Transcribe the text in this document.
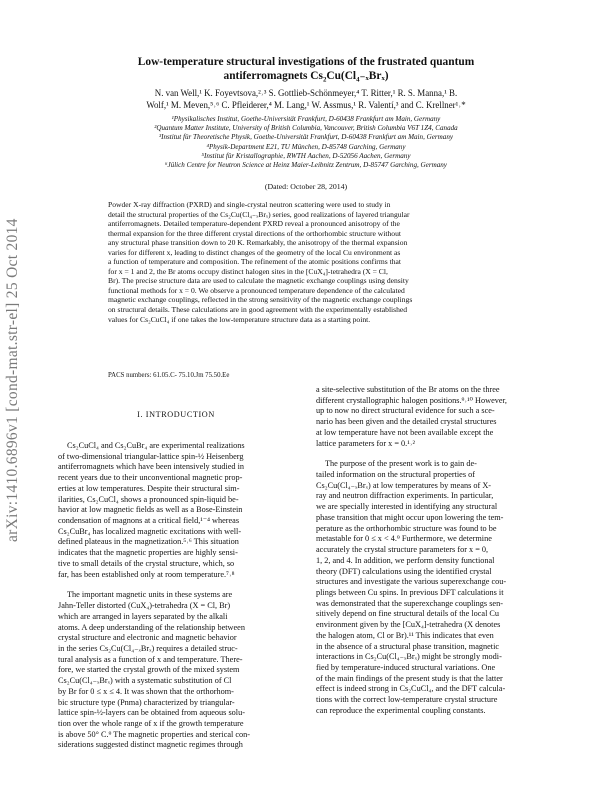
arXiv:1410.6896v1 [cond-mat.str-el] 25 Oct 2014
Low-temperature structural investigations of the frustrated quantum
antiferromagnets Cs₂Cu(Cl₄₋ₓBrₓ)
N. van Well,¹ K. Foyevtsova,²˒³ S. Gottlieb-Schönmeyer,⁴ T. Ritter,¹ R. S. Manna,¹ B.
Wolf,¹ M. Meven,⁵˒⁶ C. Pfleiderer,⁴ M. Lang,¹ W. Assmus,¹ R. Valentí,³ and C. Krellner¹˒*
¹Physikalisches Institut, Goethe-Universität Frankfurt, D-60438 Frankfurt am Main, Germany
²Quantum Matter Institute, University of British Columbia, Vancouver, British Columbia V6T 1Z4, Canada
³Institut für Theoretische Physik, Goethe-Universität Frankfurt, D-60438 Frankfurt am Main, Germany
⁴Physik-Department E21, TU München, D-85748 Garching, Germany
⁵Institut für Kristallographie, RWTH Aachen, D-52056 Aachen, Germany
⁶Jülich Centre for Neutron Science at Heinz Maier-Leibnitz Zentrum, D-85747 Garching, Germany
(Dated: October 28, 2014)
Powder X-ray diffraction (PXRD) and single-crystal neutron scattering were used to study in
detail the structural properties of the Cs₂Cu(Cl₄₋ₓBrₓ) series, good realizations of layered triangular
antiferromagnets. Detailed temperature-dependent PXRD reveal a pronounced anisotropy of the
thermal expansion for the three different crystal directions of the orthorhombic structure without
any structural phase transition down to 20 K. Remarkably, the anisotropy of the thermal expansion
varies for different x, leading to distinct changes of the geometry of the local Cu environment as
a function of temperature and composition. The refinement of the atomic positions confirms that
for x = 1 and 2, the Br atoms occupy distinct halogen sites in the [CuX₄]-tetrahedra (X = Cl,
Br). The precise structure data are used to calculate the magnetic exchange couplings using density
functional methods for x = 0. We observe a pronounced temperature dependence of the calculated
magnetic exchange couplings, reflected in the strong sensitivity of the magnetic exchange couplings
on structural details. These calculations are in good agreement with the experimentally established
values for Cs₂CuCl₄ if one takes the low-temperature structure data as a starting point.
PACS numbers: 61.05.C- 75.10.Jm 75.50.Ee
I. INTRODUCTION
Cs₂CuCl₄ and Cs₂CuBr₄ are experimental realizations
of two-dimensional triangular-lattice spin-½ Heisenberg
antiferromagnets which have been intensively studied in
recent years due to their unconventional magnetic prop-
erties at low temperatures. Despite their structural sim-
ilarities, Cs₂CuCl₄ shows a pronounced spin-liquid be-
havior at low magnetic fields as well as a Bose-Einstein
condensation of magnons at a critical field,¹⁻⁴ whereas
Cs₂CuBr₄ has localized magnetic excitations with well-
defined plateaus in the magnetization.⁵˒⁶ This situation
indicates that the magnetic properties are highly sensi-
tive to small details of the crystal structure, which, so
far, has been established only at room temperature.⁷˒⁸
The important magnetic units in these systems are
Jahn-Teller distorted (CuX₄)-tetrahedra (X = Cl, Br)
which are arranged in layers separated by the alkali
atoms. A deep understanding of the relationship between
crystal structure and electronic and magnetic behavior
in the series Cs₂Cu(Cl₄₋ₓBrₓ) requires a detailed struc-
tural analysis as a function of x and temperature. There-
fore, we started the crystal growth of the mixed system
Cs₂Cu(Cl₄₋ₓBrₓ) with a systematic substitution of Cl
by Br for 0 ≤ x ≤ 4. It was shown that the orthorhom-
bic structure type (Pnma) characterized by triangular-
lattice spin-½-layers can be obtained from aqueous solu-
tion over the whole range of x if the growth temperature
is above 50° C.⁹ The magnetic properties and sterical con-
siderations suggested distinct magnetic regimes through
a site-selective substitution of the Br atoms on the three
different crystallographic halogen positions.⁹˒¹⁰ However,
up to now no direct structural evidence for such a sce-
nario has been given and the detailed crystal structures
at low temperature have not been available except the
lattice parameters for x = 0.¹˒²
The purpose of the present work is to gain de-
tailed information on the structural properties of
Cs₂Cu(Cl₄₋ₓBrₓ) at low temperatures by means of X-
ray and neutron diffraction experiments. In particular,
we are specially interested in identifying any structural
phase transition that might occur upon lowering the tem-
perature as the orthorhombic structure was found to be
metastable for 0 ≤ x < 4.⁹ Furthermore, we determine
accurately the crystal structure parameters for x = 0,
1, 2, and 4. In addition, we perform density functional
theory (DFT) calculations using the identified crystal
structures and investigate the various superexchange cou-
plings between Cu spins. In previous DFT calculations it
was demonstrated that the superexchange couplings sen-
sitively depend on fine structural details of the local Cu
environment given by the [CuX₄]-tetrahedra (X denotes
the halogen atom, Cl or Br).¹¹ This indicates that even
in the absence of a structural phase transition, magnetic
interactions in Cs₂Cu(Cl₄₋ₓBrₓ) might be strongly modi-
fied by temperature-induced structural variations. One
of the main findings of the present study is that the latter
effect is indeed strong in Cs₂CuCl₄, and the DFT calcula-
tions with the correct low-temperature crystal structure
can reproduce the experimental coupling constants.
